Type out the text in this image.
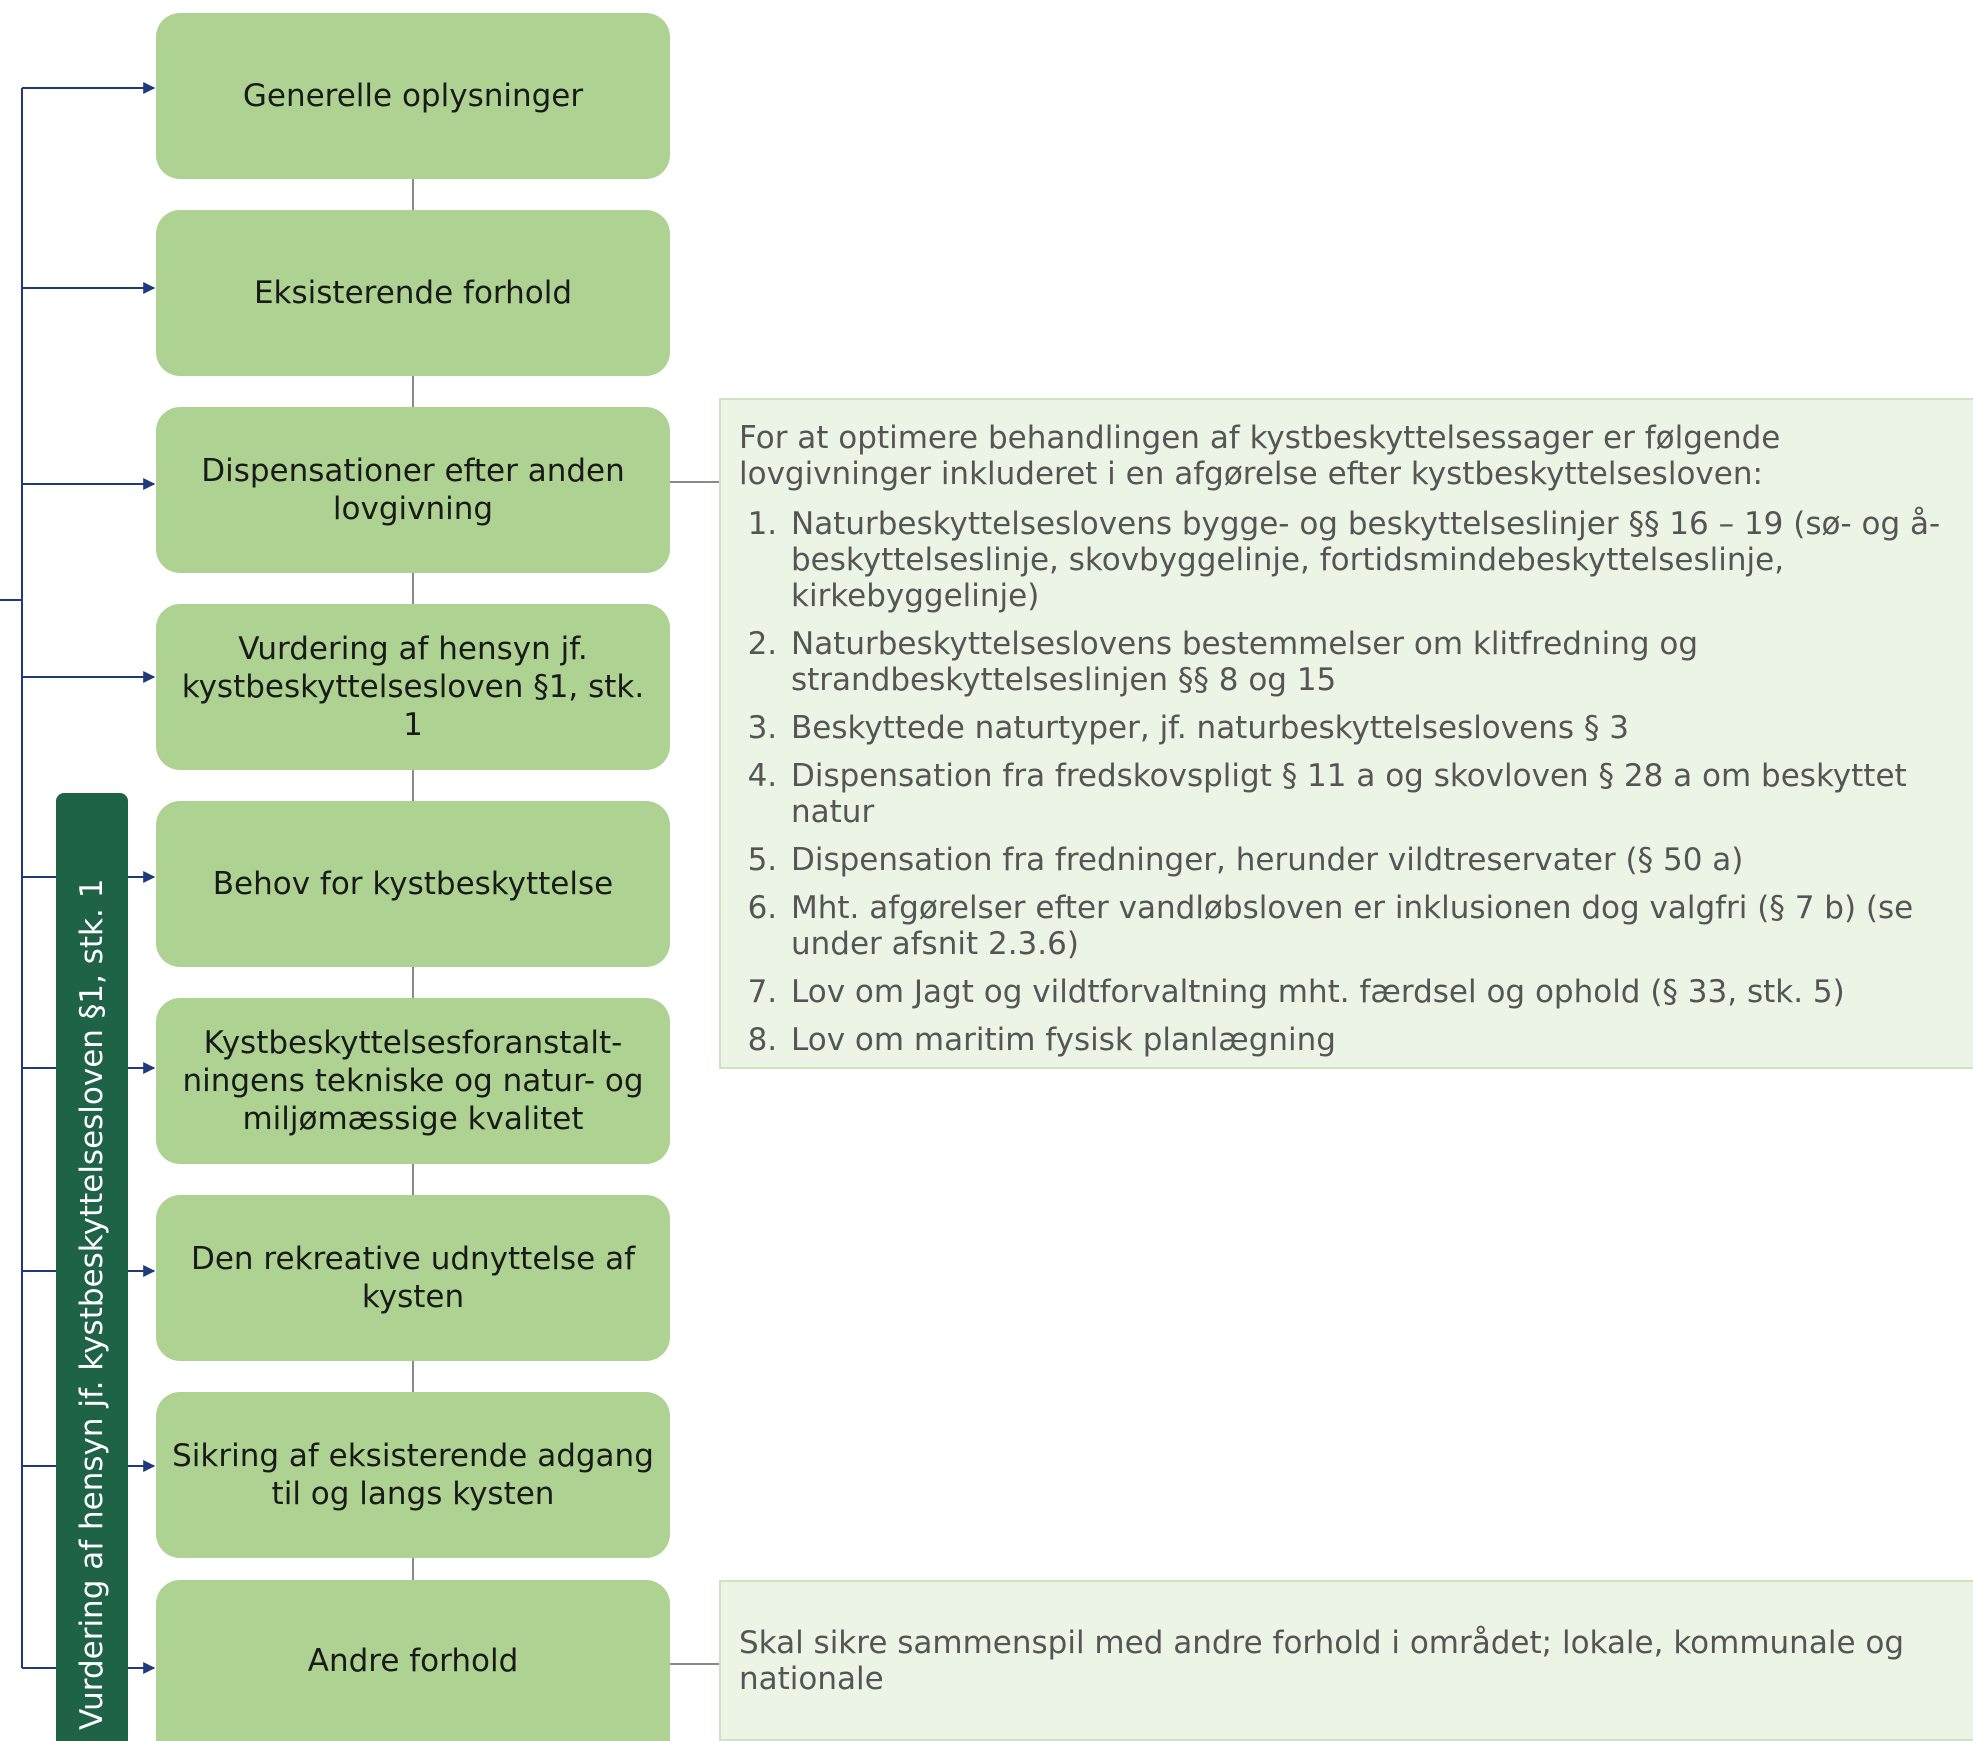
Generelle oplysninger
Eksisterende forhold
Dispensationer efter anden lovgivning
Vurdering af hensyn jf. kystbeskyttelsesloven §1, stk. 1
Behov for kystbeskyttelse
Kystbeskyttelsesforanstalt-ningens tekniske og natur- og miljømæssige kvalitet
Den rekreative udnyttelse af kysten
Sikring af eksisterende adgang til og langs kysten
Andre forhold
Vurdering af hensyn jf. kystbeskyttelsesloven §1, stk. 1
For at optimere behandlingen af kystbeskyttelsessager er følgende lovgivninger inkluderet i en afgørelse efter kystbeskyttelsesloven:
1. Naturbeskyttelseslovens bygge- og beskyttelseslinjer §§ 16 – 19 (sø- og å-beskyttelseslinje, skovbyggelinje, fortidsmindebeskyttelseslinje, kirkebyggelinje)
2. Naturbeskyttelseslovens bestemmelser om klitfredning og strandbeskyttelseslinjen §§ 8 og 15
3. Beskyttede naturtyper, jf. naturbeskyttelseslovens § 3
4. Dispensation fra fredskovspligt § 11 a og skovloven § 28 a om beskyttet natur
5. Dispensation fra fredninger, herunder vildtreservater (§ 50 a)
6. Mht. afgørelser efter vandløbsloven er inklusionen dog valgfri (§ 7 b) (se under afsnit 2.3.6)
7. Lov om Jagt og vildtforvaltning mht. færdsel og ophold (§ 33, stk. 5)
8. Lov om maritim fysisk planlægning
Skal sikre sammenspil med andre forhold i området; lokale, kommunale og nationale
